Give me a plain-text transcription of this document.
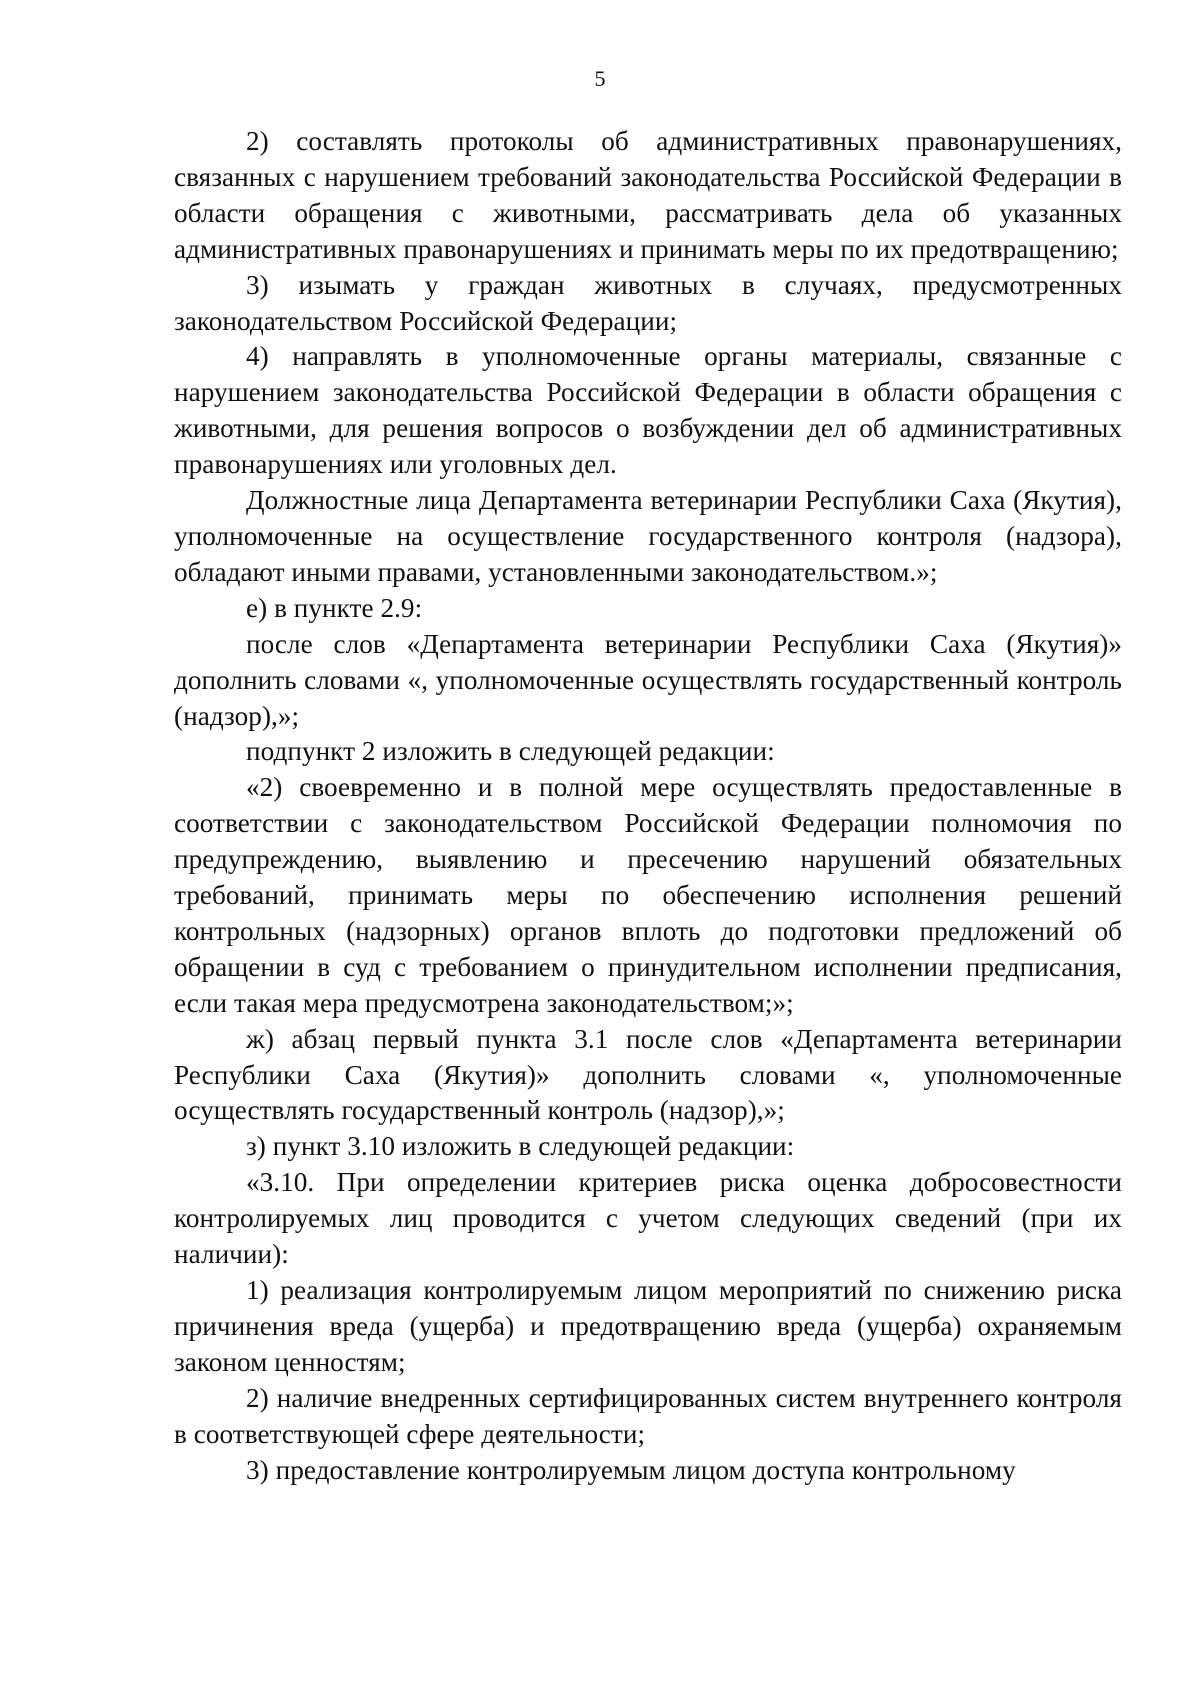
5

2) составлять протоколы об административных правонарушениях, связанных с нарушением требований законодательства Российской Федерации в области обращения с животными, рассматривать дела об указанных административных правонарушениях и принимать меры по их предотвращению;

3) изымать у граждан животных в случаях, предусмотренных законодательством Российской Федерации;

4) направлять в уполномоченные органы материалы, связанные с нарушением законодательства Российской Федерации в области обращения с животными, для решения вопросов о возбуждении дел об административных правонарушениях или уголовных дел.

Должностные лица Департамента ветеринарии Республики Саха (Якутия), уполномоченные на осуществление государственного контроля (надзора), обладают иными правами, установленными законодательством.»;

е) в пункте 2.9:

после слов «Департамента ветеринарии Республики Саха (Якутия)» дополнить словами «, уполномоченные осуществлять государственный контроль (надзор),»;

подпункт 2 изложить в следующей редакции:

«2) своевременно и в полной мере осуществлять предоставленные в соответствии с законодательством Российской Федерации полномочия по предупреждению, выявлению и пресечению нарушений обязательных требований, принимать меры по обеспечению исполнения решений контрольных (надзорных) органов вплоть до подготовки предложений об обращении в суд с требованием о принудительном исполнении предписания, если такая мера предусмотрена законодательством;»;

ж) абзац первый пункта 3.1 после слов «Департамента ветеринарии Республики Саха (Якутия)» дополнить словами «, уполномоченные осуществлять государственный контроль (надзор),»;

з) пункт 3.10 изложить в следующей редакции:

«3.10. При определении критериев риска оценка добросовестности контролируемых лиц проводится с учетом следующих сведений (при их наличии):

1) реализация контролируемым лицом мероприятий по снижению риска причинения вреда (ущерба) и предотвращению вреда (ущерба) охраняемым законом ценностям;

2) наличие внедренных сертифицированных систем внутреннего контроля в соответствующей сфере деятельности;

3) предоставление контролируемым лицом доступа контрольному
